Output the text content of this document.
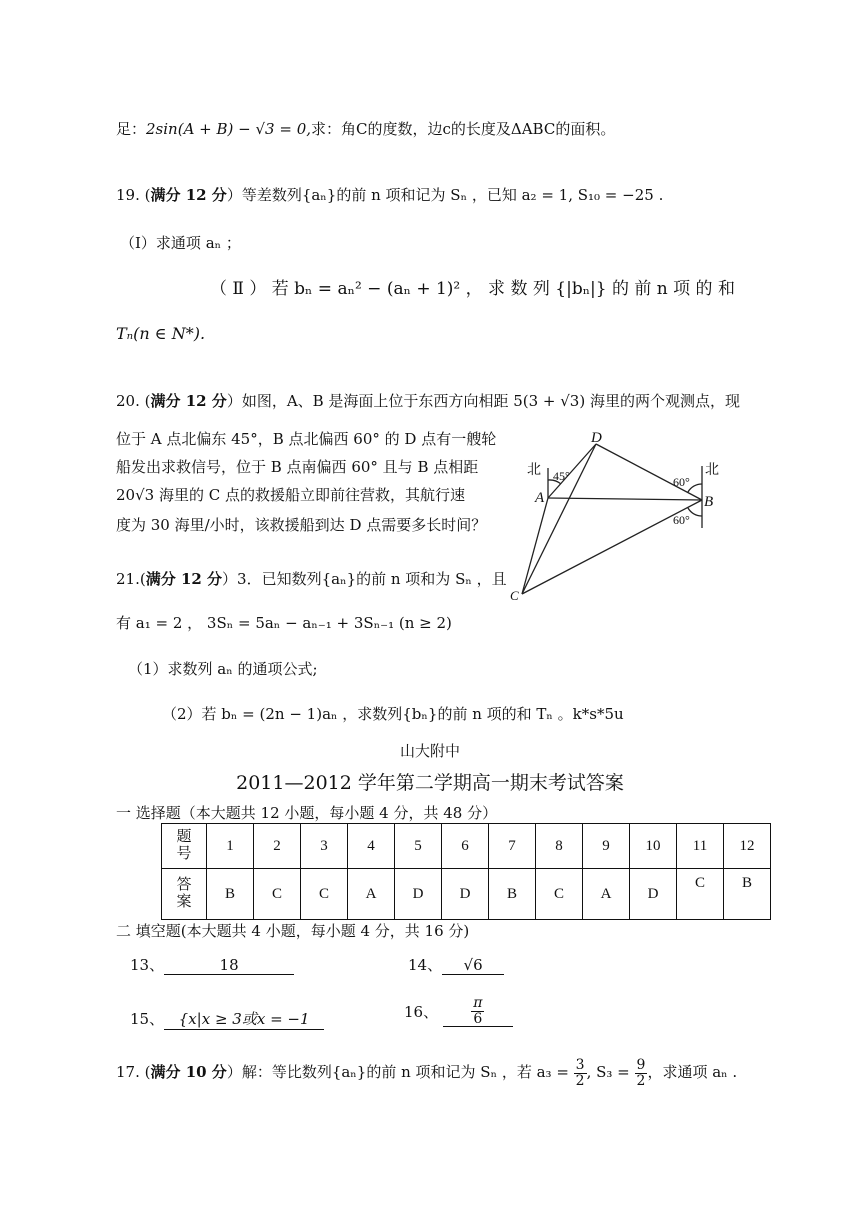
足：2sin(A + B) − √3 = 0,求：角C的度数，边c的长度及ΔABC的面积。
19. (满分 12 分）等差数列{aₙ}的前 n 项和记为 Sₙ ，已知 a₂ = 1, S₁₀ = −25 .
（Ⅰ）求通项 aₙ ；
（ Ⅱ ） 若 bₙ = aₙ² − (aₙ + 1)² ， 求 数 列 {|bₙ|} 的 前 n 项 的 和
Tₙ(n ∈ N*).
20. (满分 12 分）如图，A、B 是海面上位于东西方向相距 5(3 + √3) 海里的两个观测点，现
位于 A 点北偏东 45°，B 点北偏西 60° 的 D 点有一艘轮
船发出求救信号，位于 B 点南偏西 60° 且与 B 点相距
20√3 海里的 C 点的救援船立即前往营救，其航行速
度为 30 海里/小时，该救援船到达 D 点需要多长时间？
D
A	B
C
北	北
45°	60°
60°
21.(满分 12 分）3．已知数列{aₙ}的前 n 项和为 Sₙ ，且
有 a₁ = 2 ， 3Sₙ = 5aₙ − aₙ₋₁ + 3Sₙ₋₁ (n ≥ 2)
（1）求数列 aₙ 的通项公式;
（2）若 bₙ = (2n − 1)aₙ ，求数列{bₙ}的前 n 项的和 Tₙ 。k*s*5u
山大附中
2011—2012 学年第二学期高一期末考试答案
一 选择题（本大题共 12 小题，每小题 4 分，共 48 分）
题
号	1	2	3	4	5	6	7	8	9	10	11	12
答
案	B	C	C	A	D	D	B	C	A	D	C	B
二 填空题(本大题共 4 小题，每小题 4 分，共 16 分)
13、	18	14、 √6
15、 {x|x ≥ 3或x = −1	16、 $\frac{\pi}{6}$
17. (满分 10 分）解：等比数列{aₙ}的前 n 项和记为 Sₙ ，若 $a_3 = \frac{3}{2}$ , $S_3 = \frac{9}{2}$ ，求通项 aₙ .
